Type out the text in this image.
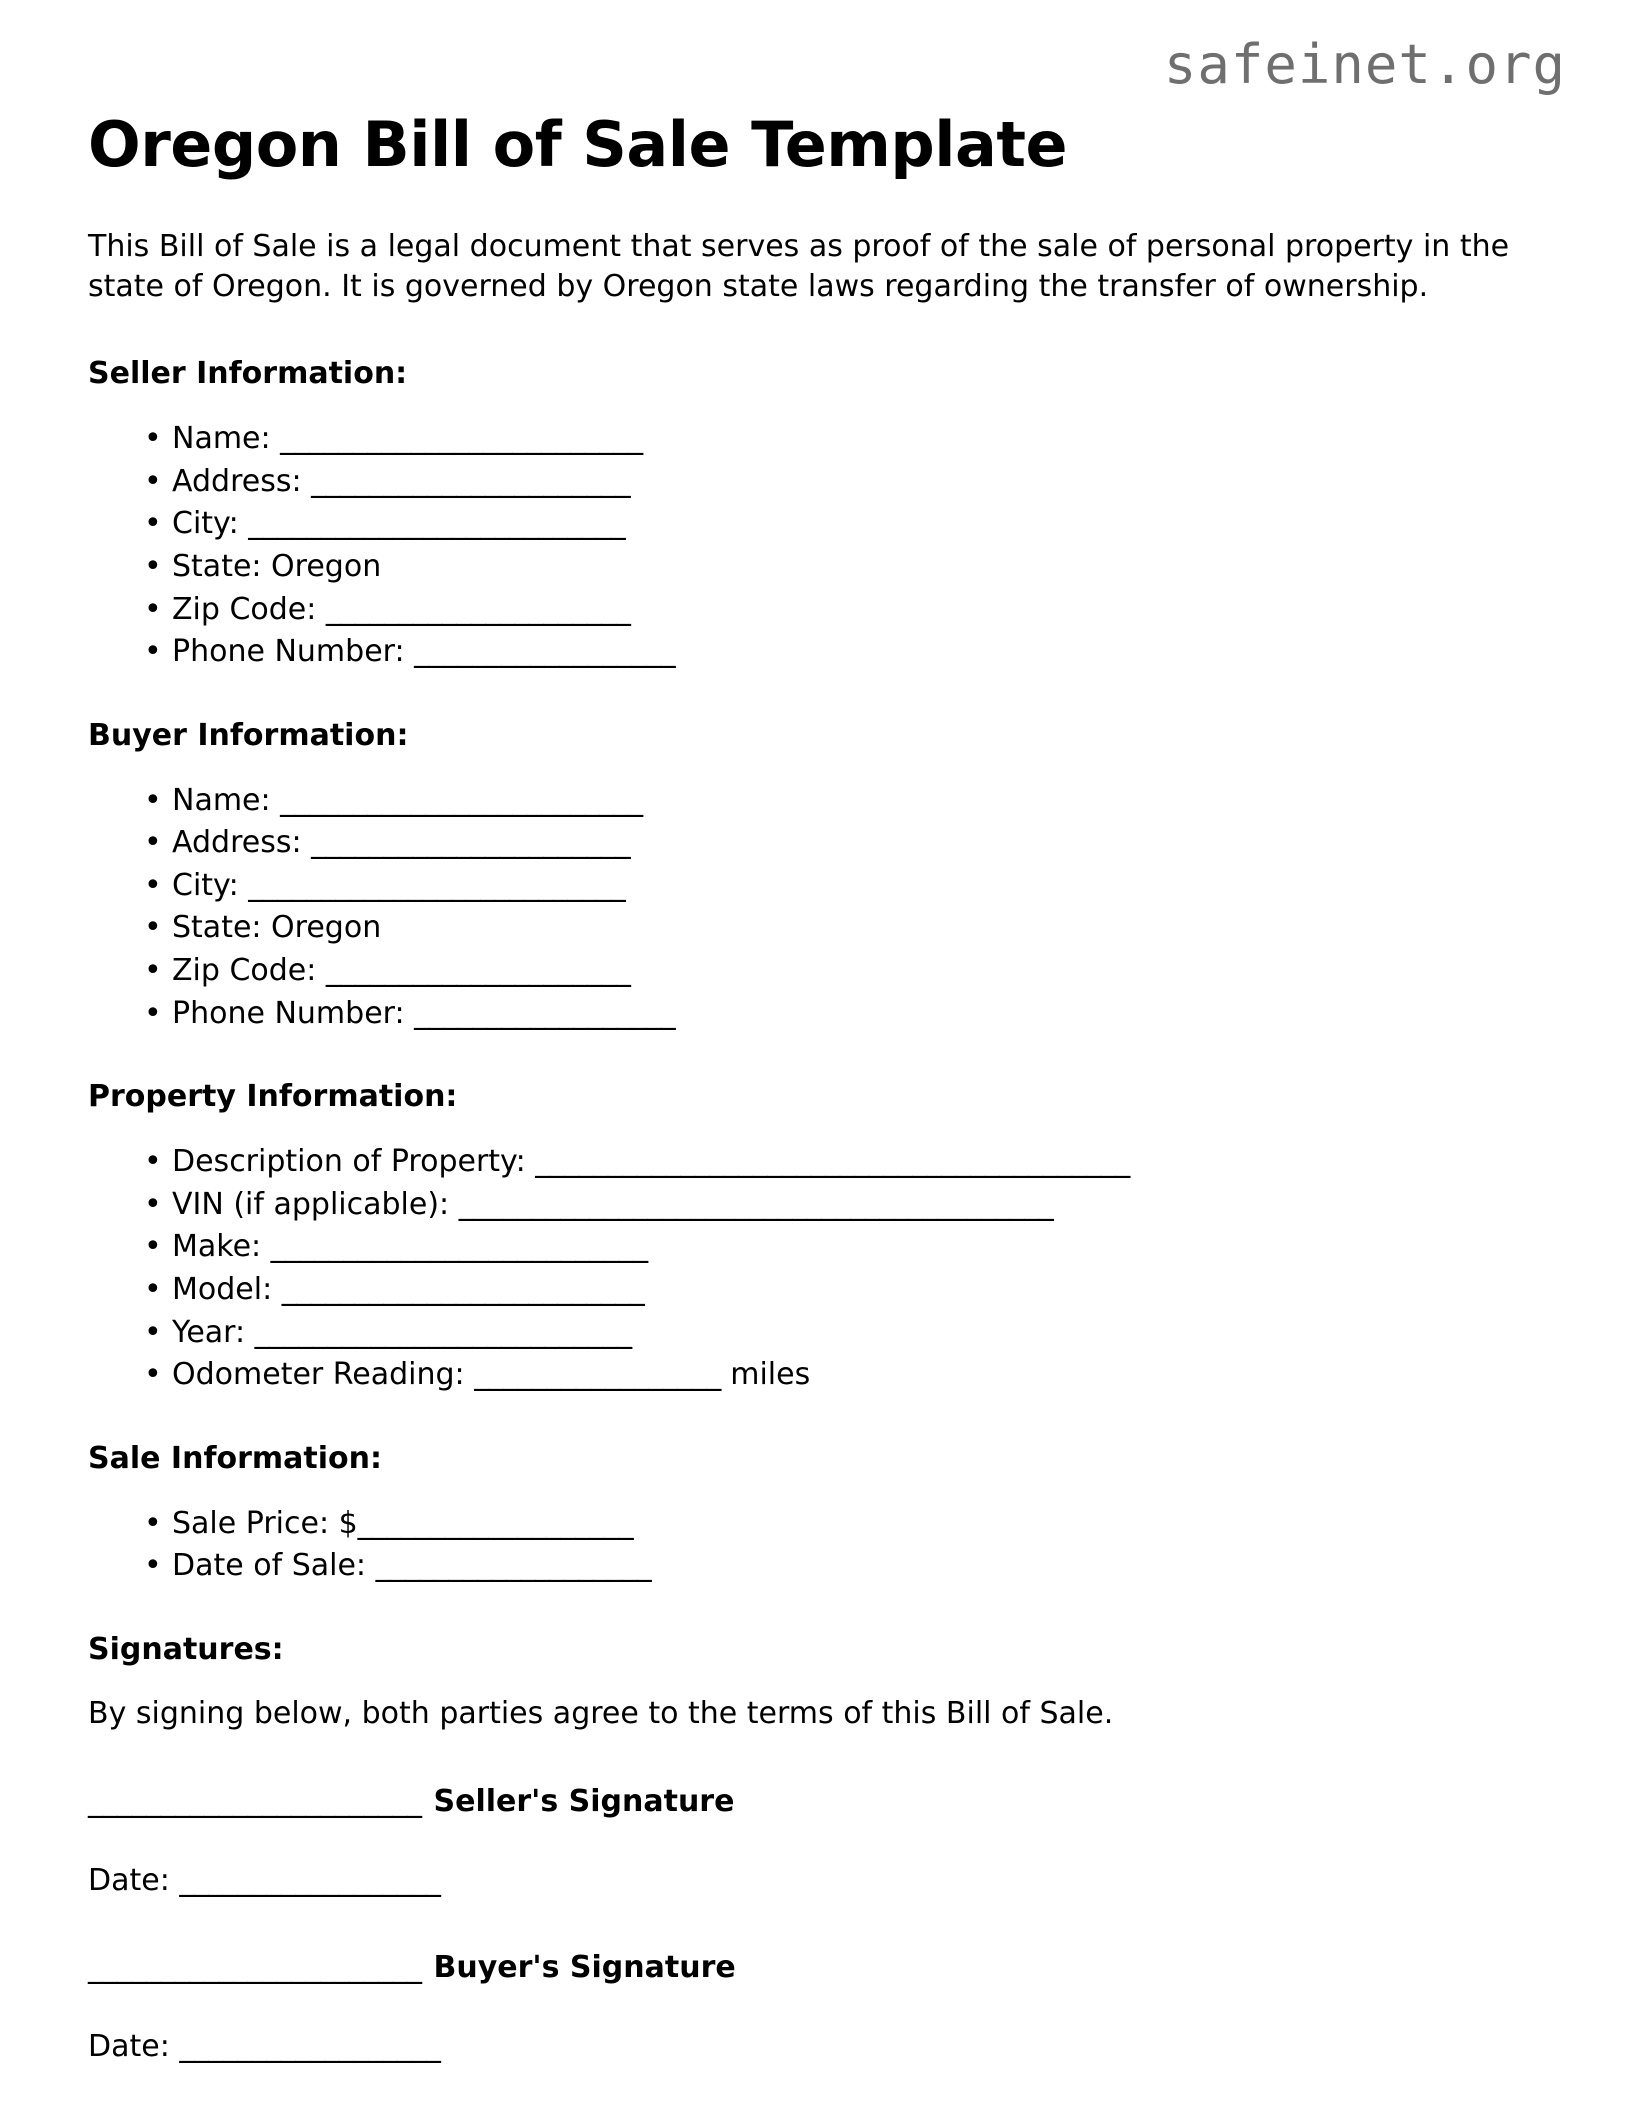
safeinet.org
Oregon Bill of Sale Template

This Bill of Sale is a legal document that serves as proof of the sale of personal property in the state of Oregon. It is governed by Oregon state laws regarding the transfer of ownership.

Seller Information:
• Name: _________________________
• Address: ______________________
• City: __________________________
• State: Oregon
• Zip Code: _____________________
• Phone Number: __________________
Buyer Information:
• Name: _________________________
• Address: ______________________
• City: __________________________
• State: Oregon
• Zip Code: _____________________
• Phone Number: __________________
Property Information:
• Description of Property: _________________________________________
• VIN (if applicable): _________________________________________
• Make: __________________________
• Model: _________________________
• Year: __________________________
• Odometer Reading: _________________ miles
Sale Information:
• Sale Price: $___________________
• Date of Sale: ___________________
Signatures:

By signing below, both parties agree to the terms of this Bill of Sale.

_______________________ Seller's Signature
Date: __________________
_______________________ Buyer's Signature
Date: __________________
